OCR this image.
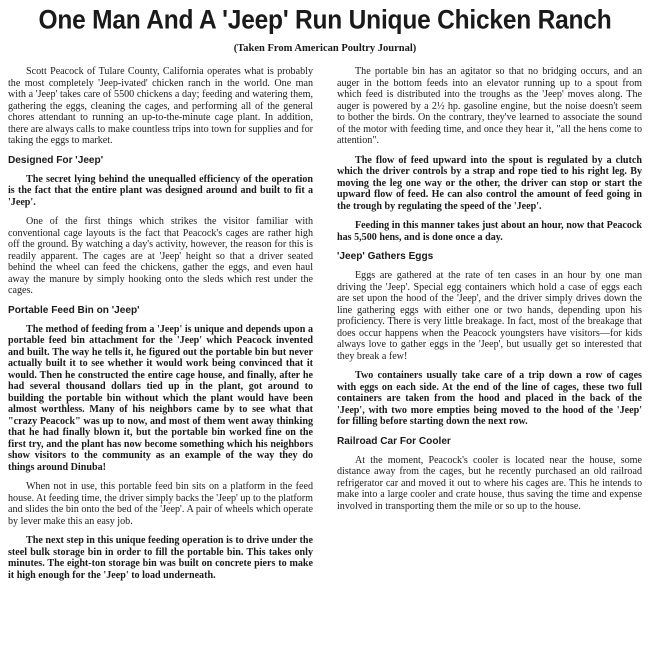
One Man And A 'Jeep' Run Unique Chicken Ranch
(Taken From American Poultry Journal)

Scott Peacock of Tulare County, California operates what is probably the most completely 'Jeep-ivated' chicken ranch in the world. One man with a 'Jeep' takes care of 5500 chickens a day; feeding and watering them, gathering the eggs, cleaning the cages, and performing all of the general chores attendant to running an up-to-the-minute cage plant. In addition, there are always calls to make countless trips into town for supplies and for taking the eggs to market.

Designed For 'Jeep'

The secret lying behind the unequalled efficiency of the operation is the fact that the entire plant was designed around and built to fit a 'Jeep'.

One of the first things which strikes the visitor familiar with conventional cage layouts is the fact that Peacock's cages are rather high off the ground. By watching a day's activity, however, the reason for this is readily apparent. The cages are at 'Jeep' height so that a driver seated behind the wheel can feed the chickens, gather the eggs, and even haul away the manure by simply hooking onto the sleds which rest under the cages.

Portable Feed Bin on 'Jeep'

The method of feeding from a 'Jeep' is unique and depends upon a portable feed bin attachment for the 'Jeep' which Peacock invented and built. The way he tells it, he figured out the portable bin but never actually built it to see whether it would work being convinced that it would. Then he constructed the entire cage house, and finally, after he had several thousand dollars tied up in the plant, got around to building the portable bin without which the plant would have been almost worthless. Many of his neighbors came by to see what that "crazy Peacock" was up to now, and most of them went away thinking that he had finally blown it, but the portable bin worked fine on the first try, and the plant has now become something which his neighbors show visitors to the community as an example of the way they do things around Dinuba!

When not in use, this portable feed bin sits on a platform in the feed house. At feeding time, the driver simply backs the 'Jeep' up to the platform and slides the bin onto the bed of the 'Jeep'. A pair of wheels which operate by lever make this an easy job.

The next step in this unique feeding operation is to drive under the steel bulk storage bin in order to fill the portable bin. This takes only minutes. The eight-ton storage bin was built on concrete piers to make it high enough for the 'Jeep' to load underneath.

The portable bin has an agitator so that no bridging occurs, and an auger in the bottom feeds into an elevator running up to a spout from which feed is distributed into the troughs as the 'Jeep' moves along. The auger is powered by a 2½ hp. gasoline engine, but the noise doesn't seem to bother the birds. On the contrary, they've learned to associate the sound of the motor with feeding time, and once they hear it, "all the hens come to attention".

The flow of feed upward into the spout is regulated by a clutch which the driver controls by a strap and rope tied to his right leg. By moving the leg one way or the other, the driver can stop or start the upward flow of feed. He can also control the amount of feed going in the trough by regulating the speed of the 'Jeep'.

Feeding in this manner takes just about an hour, now that Peacock has 5,500 hens, and is done once a day.

'Jeep' Gathers Eggs

Eggs are gathered at the rate of ten cases in an hour by one man driving the 'Jeep'. Special egg containers which hold a case of eggs each are set upon the hood of the 'Jeep', and the driver simply drives down the line gathering eggs with either one or two hands, depending upon his proficiency. There is very little breakage. In fact, most of the breakage that does occur happens when the Peacock youngsters have visitors—for kids always love to gather eggs in the 'Jeep', but usually get so interested that they break a few!

Two containers usually take care of a trip down a row of cages with eggs on each side. At the end of the line of cages, these two full containers are taken from the hood and placed in the back of the 'Jeep', with two more empties being moved to the hood of the 'Jeep' for filling before starting down the next row.

Railroad Car For Cooler

At the moment, Peacock's cooler is located near the house, some distance away from the cages, but he recently purchased an old railroad refrigerator car and moved it out to where his cages are. This he intends to make into a large cooler and crate house, thus saving the time and expense involved in transporting them the mile or so up to the house.
